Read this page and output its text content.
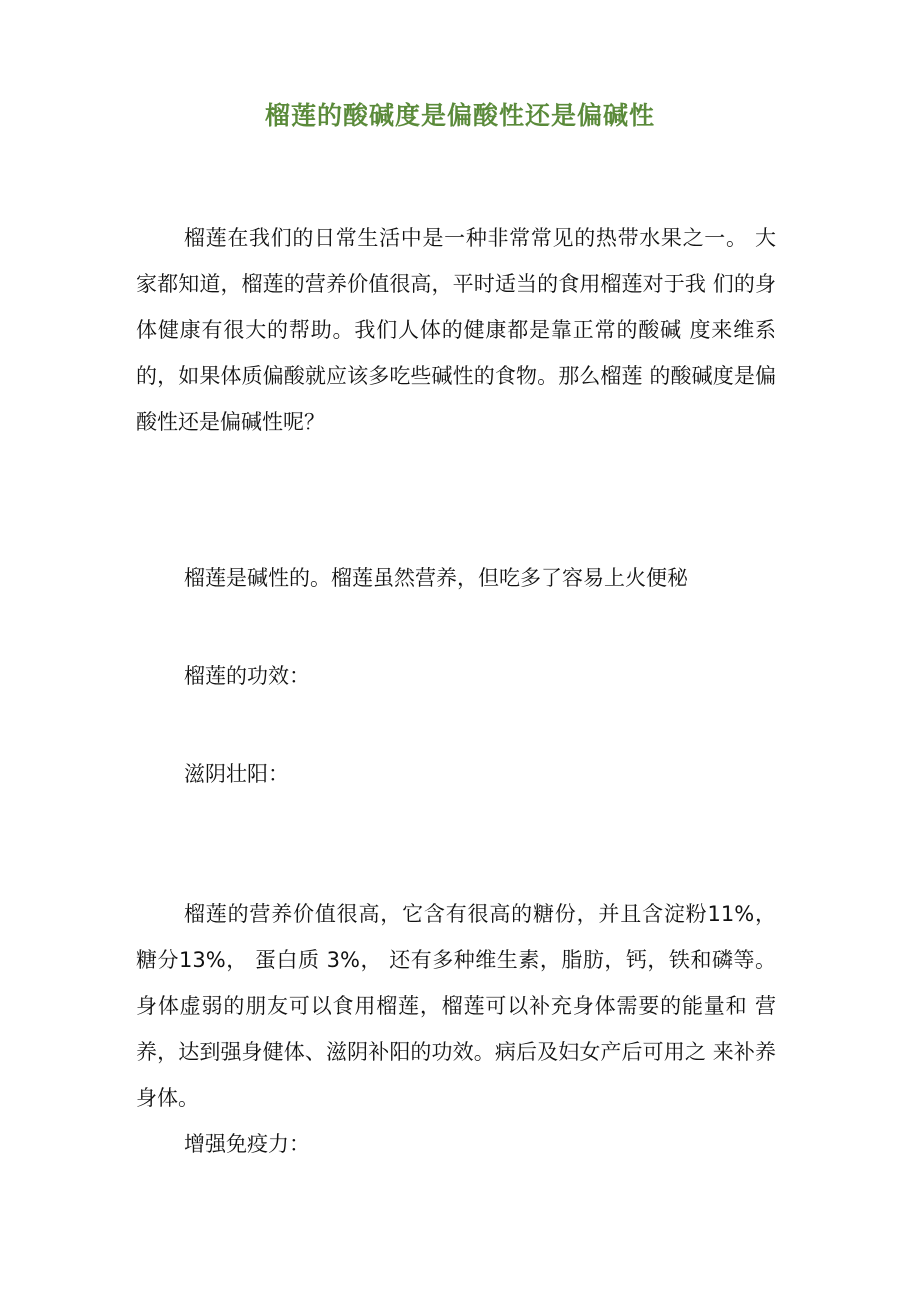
榴莲的酸碱度是偏酸性还是偏碱性

榴莲在我们的日常生活中是一种非常常见的热带水果之一。 大家都知道，榴莲的营养价值很高，平时适当的食用榴莲对于我 们的身体健康有很大的帮助。我们人体的健康都是靠正常的酸碱 度来维系的，如果体质偏酸就应该多吃些碱性的食物。那么榴莲 的酸碱度是偏酸性还是偏碱性呢？

榴莲是碱性的。榴莲虽然营养，但吃多了容易上火便秘

榴莲的功效：

滋阴壮阳：

榴莲的营养价值很高，它含有很高的糖份，并且含淀粉11%，糖分13%， 蛋白质 3%， 还有多种维生素，脂肪，钙，铁和磷等。身体虚弱的朋友可以食用榴莲，榴莲可以补充身体需要的能量和 营养，达到强身健体、滋阴补阳的功效。病后及妇女产后可用之 来补养身体。

增强免疫力：
